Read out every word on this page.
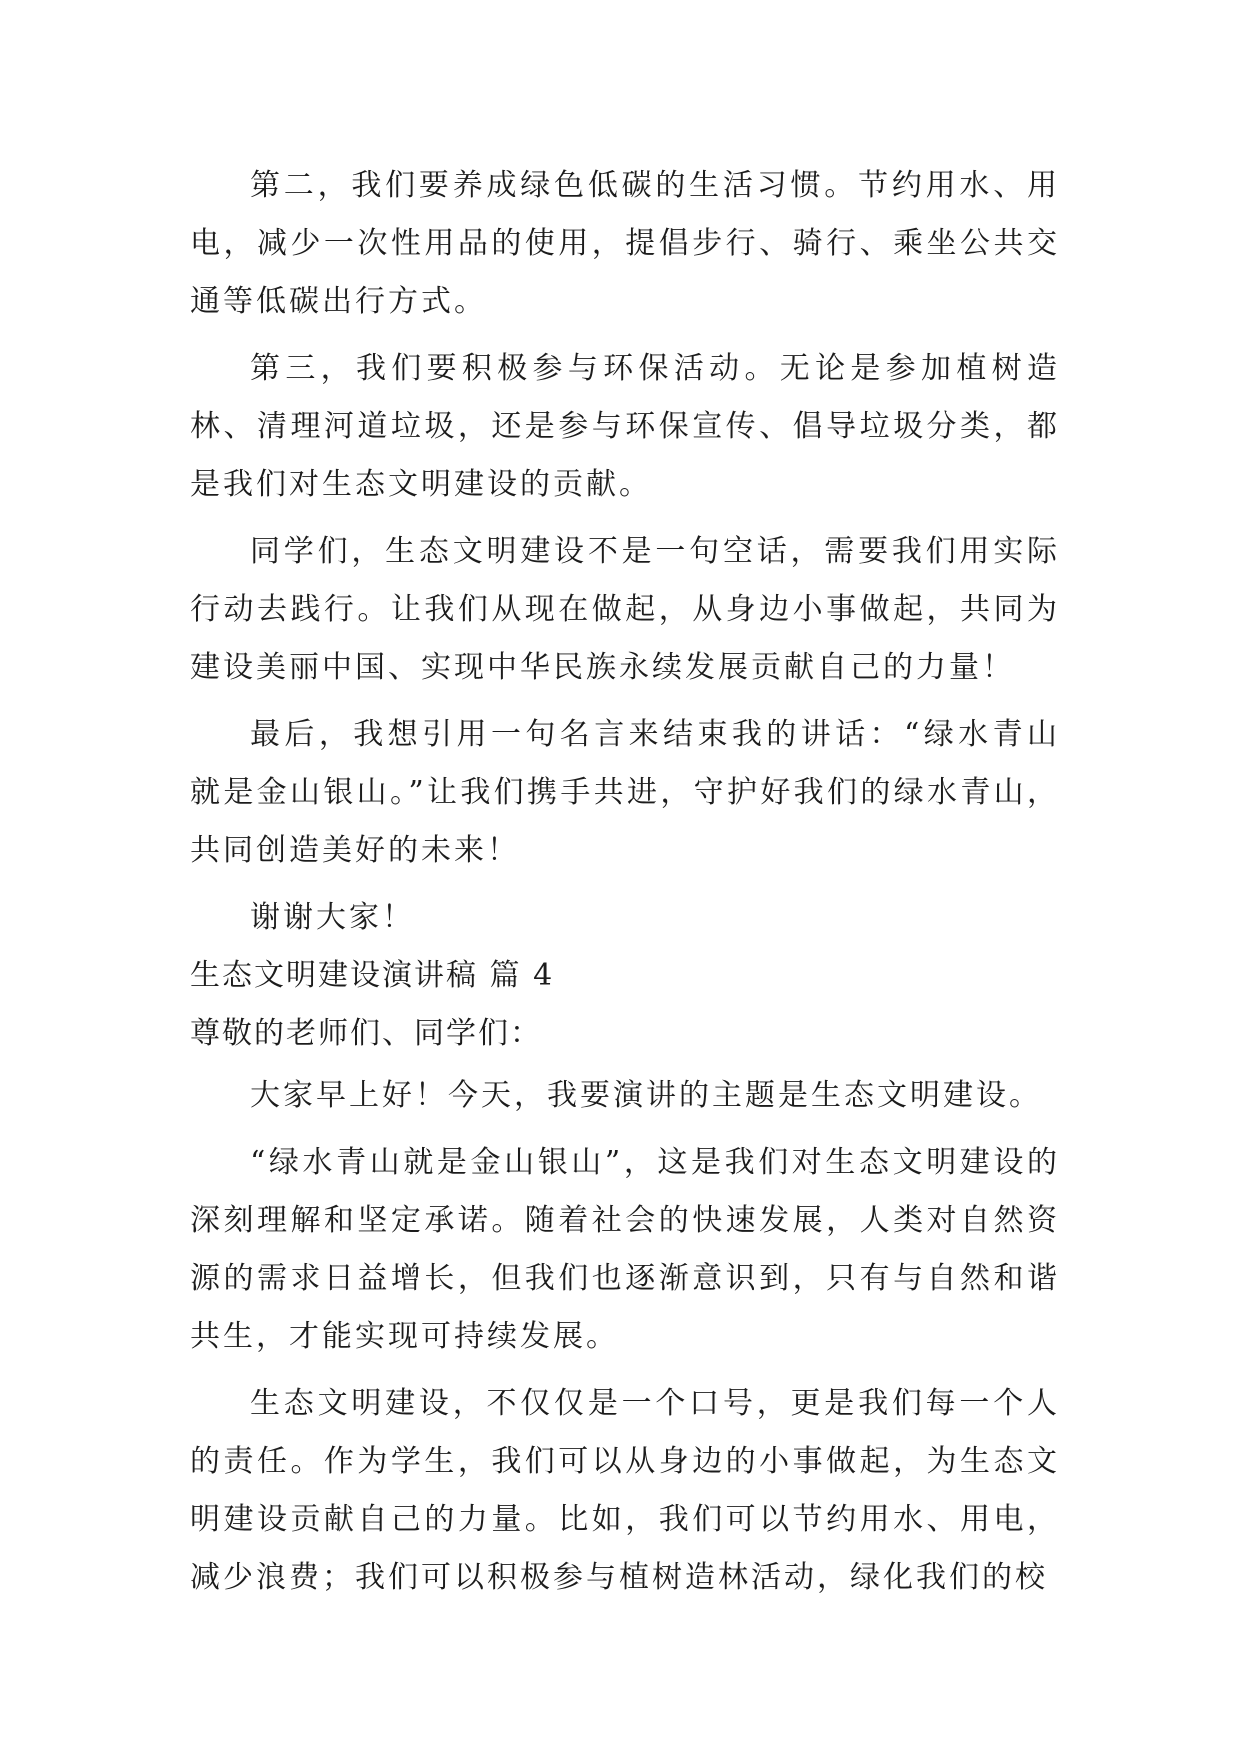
第二，我们要养成绿色低碳的生活习惯。节约用水、用电，减少一次性用品的使用，提倡步行、骑行、乘坐公共交通等低碳出行方式。

第三，我们要积极参与环保活动。无论是参加植树造林、清理河道垃圾，还是参与环保宣传、倡导垃圾分类，都是我们对生态文明建设的贡献。

同学们，生态文明建设不是一句空话，需要我们用实际行动去践行。让我们从现在做起，从身边小事做起，共同为建设美丽中国、实现中华民族永续发展贡献自己的力量！

最后，我想引用一句名言来结束我的讲话：“绿水青山就是金山银山。”让我们携手共进，守护好我们的绿水青山，共同创造美好的未来！

谢谢大家！

生态文明建设演讲稿 篇 4

尊敬的老师们、同学们：

大家早上好！今天，我要演讲的主题是生态文明建设。

“绿水青山就是金山银山”，这是我们对生态文明建设的深刻理解和坚定承诺。随着社会的快速发展，人类对自然资源的需求日益增长，但我们也逐渐意识到，只有与自然和谐共生，才能实现可持续发展。

生态文明建设，不仅仅是一个口号，更是我们每一个人的责任。作为学生，我们可以从身边的小事做起，为生态文明建设贡献自己的力量。比如，我们可以节约用水、用电，减少浪费；我们可以积极参与植树造林活动，绿化我们的校
